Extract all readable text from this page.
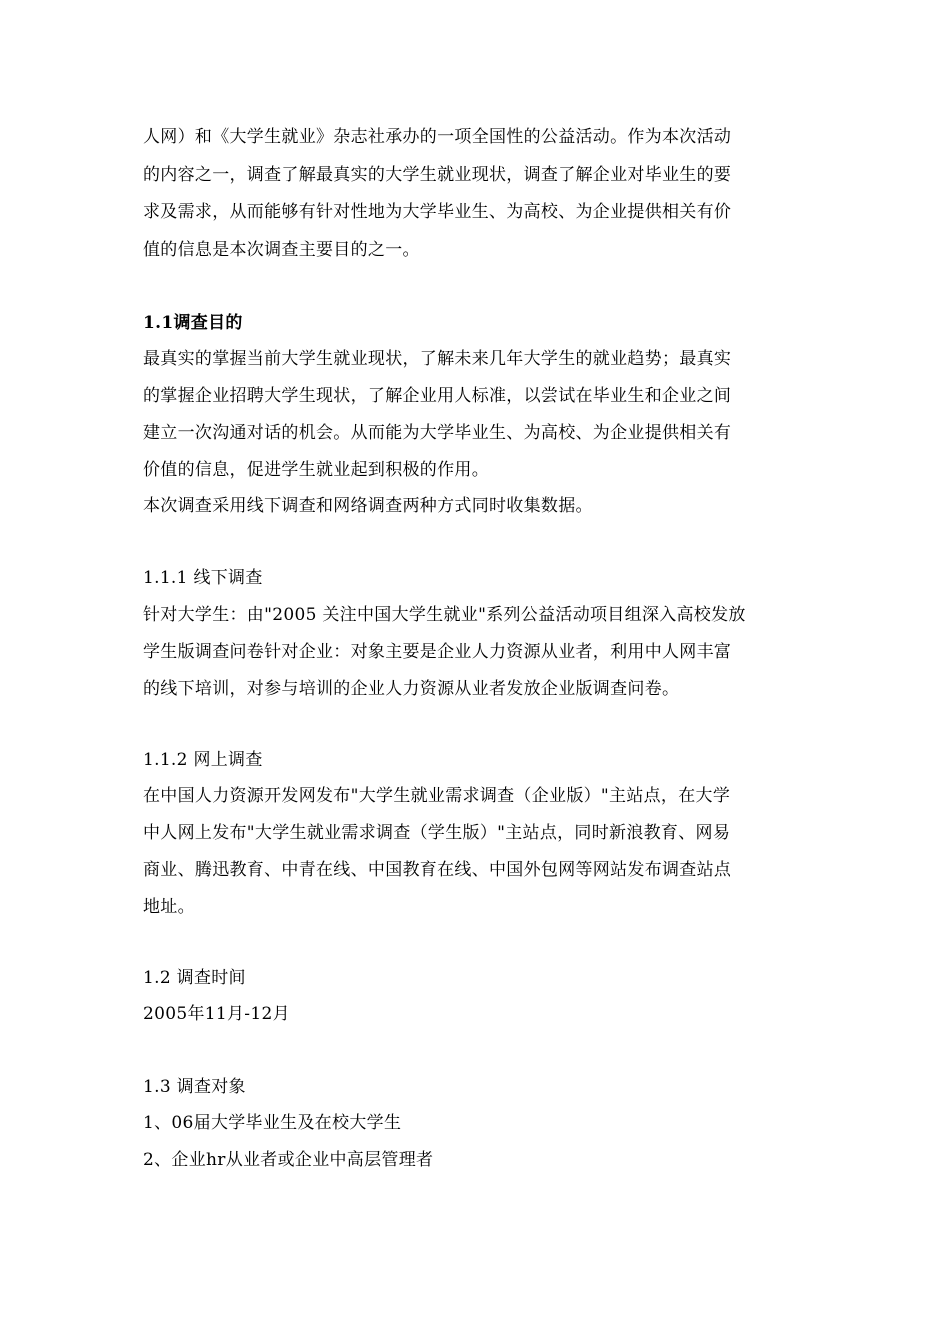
人网）和《大学生就业》杂志社承办的一项全国性的公益活动。作为本次活动
的内容之一，调查了解最真实的大学生就业现状，调查了解企业对毕业生的要
求及需求，从而能够有针对性地为大学毕业生、为高校、为企业提供相关有价
值的信息是本次调查主要目的之一。
1.1调查目的
最真实的掌握当前大学生就业现状，了解未来几年大学生的就业趋势；最真实
的掌握企业招聘大学生现状，了解企业用人标准，以尝试在毕业生和企业之间
建立一次沟通对话的机会。从而能为大学毕业生、为高校、为企业提供相关有
价值的信息，促进学生就业起到积极的作用。
本次调查采用线下调查和网络调查两种方式同时收集数据。
1.1.1 线下调查
针对大学生：由"2005 关注中国大学生就业"系列公益活动项目组深入高校发放
学生版调查问卷针对企业：对象主要是企业人力资源从业者，利用中人网丰富
的线下培训，对参与培训的企业人力资源从业者发放企业版调查问卷。
1.1.2 网上调查
在中国人力资源开发网发布"大学生就业需求调查（企业版）"主站点，在大学
中人网上发布"大学生就业需求调查（学生版）"主站点，同时新浪教育、网易
商业、腾迅教育、中青在线、中国教育在线、中国外包网等网站发布调查站点
地址。
1.2 调查时间
2005年11月-12月
1.3 调查对象
1、06届大学毕业生及在校大学生
2、企业hr从业者或企业中高层管理者
